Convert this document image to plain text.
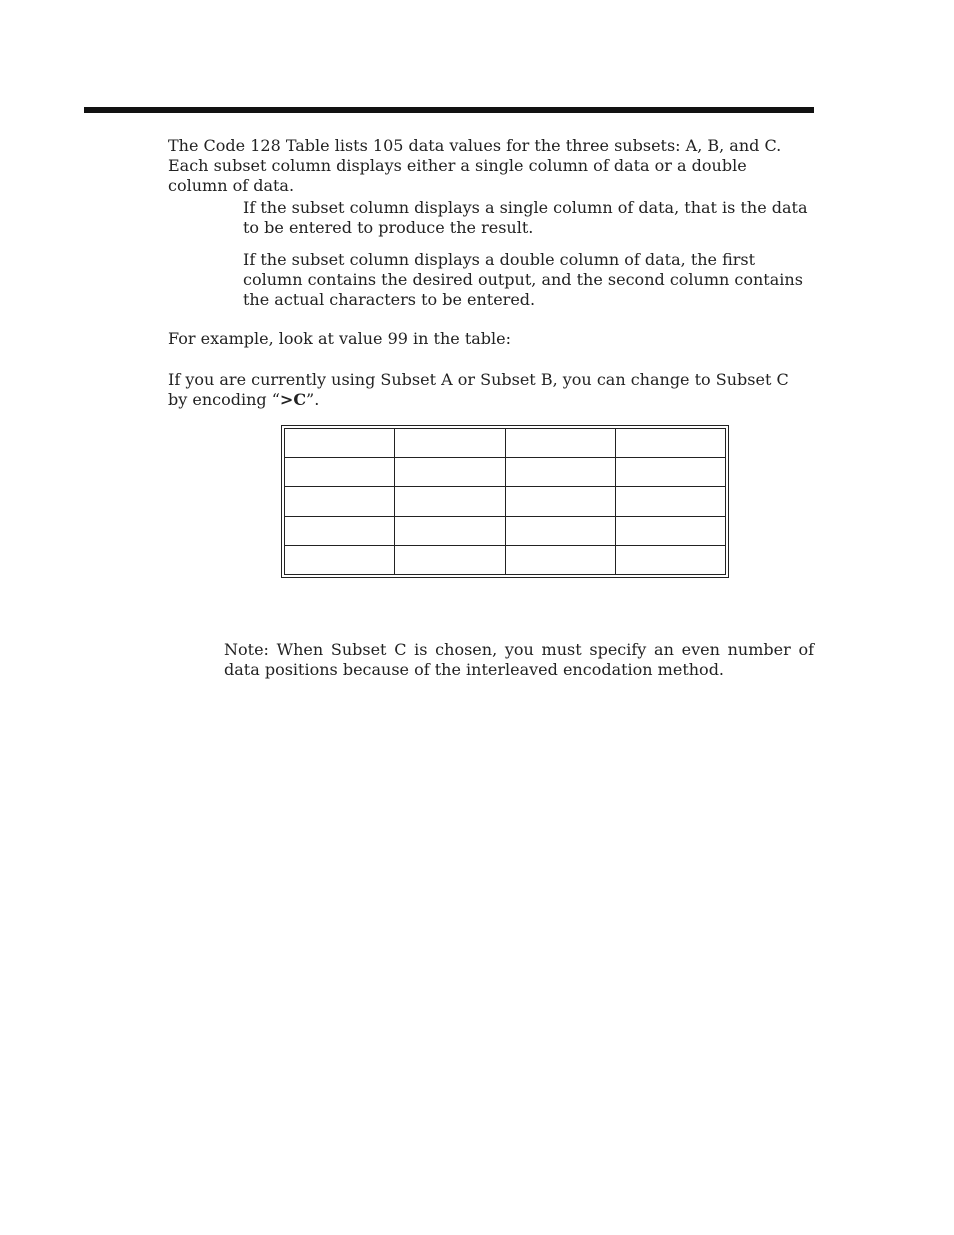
The Code 128 Table lists 105 data values for the three subsets: A, B, and C. Each subset column displays either a single column of data or a double column of data.

If the subset column displays a single column of data, that is the data to be entered to produce the result.

If the subset column displays a double column of data, the first column contains the desired output, and the second column contains the actual characters to be entered.

For example, look at value 99 in the table:

If you are currently using Subset A or Subset B, you can change to Subset C by encoding “>C”.

Note: When Subset C is chosen, you must specify an even number of data positions because of the interleaved encodation method.
